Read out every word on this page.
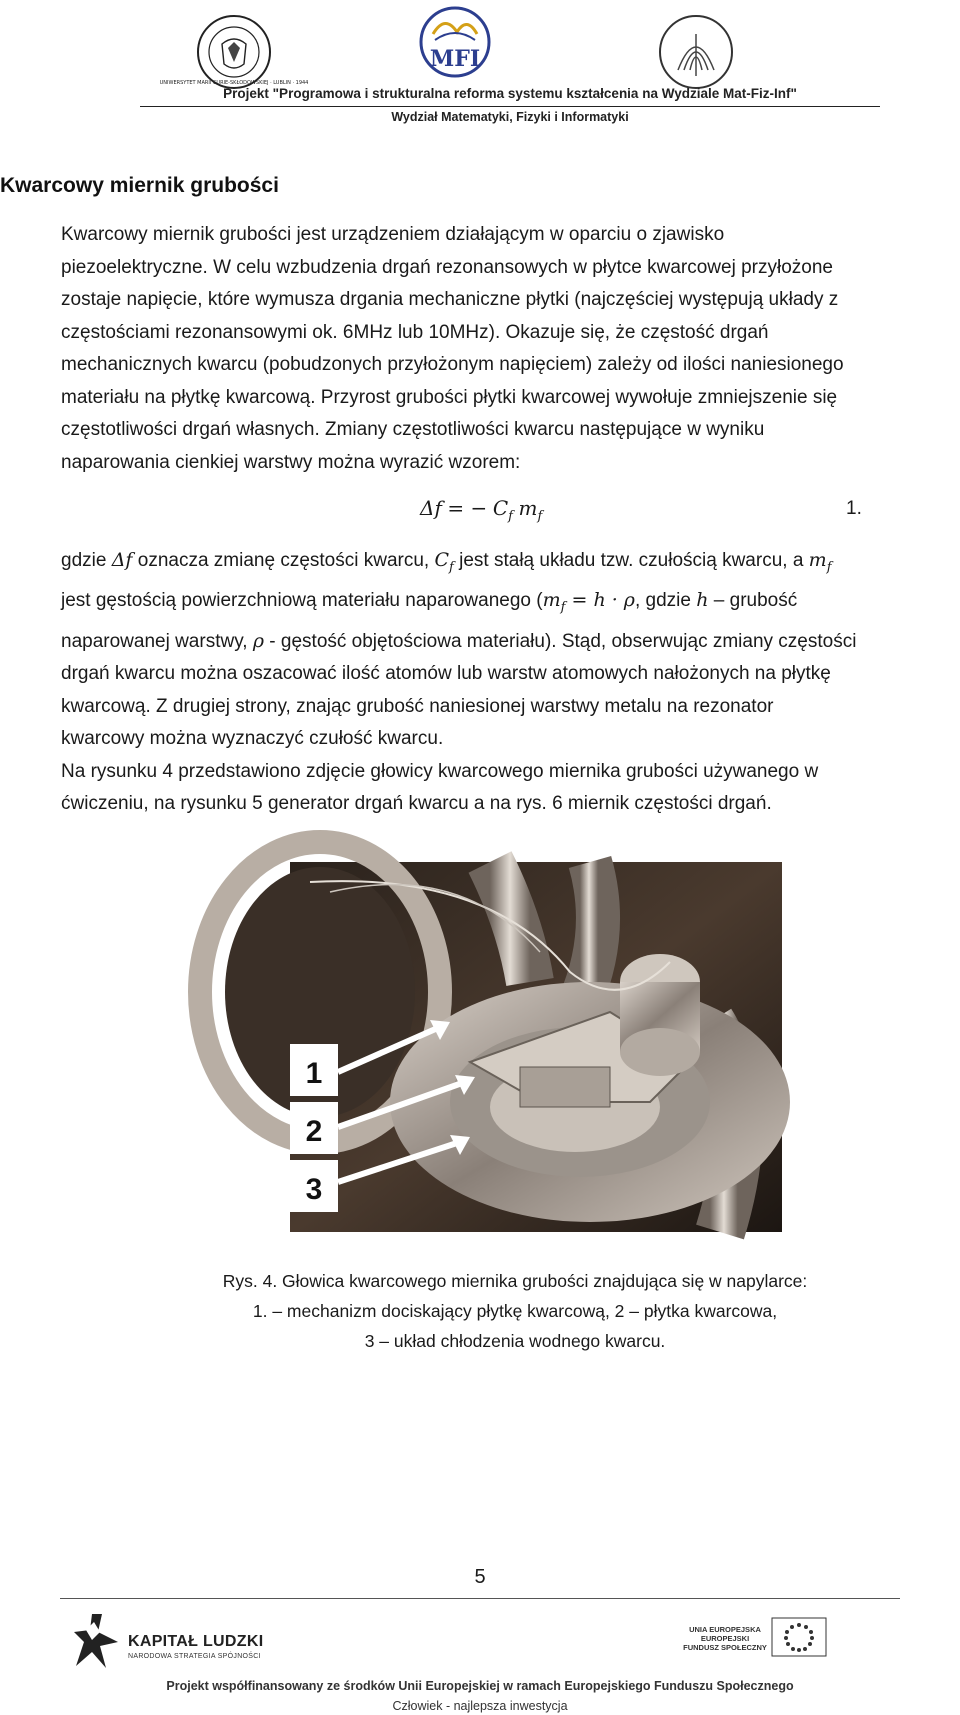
UNIWERSYTET MARII CURIE-SKŁODOWSKIEJ · LUBLIN · 1944
MFI
Projekt "Programowa i strukturalna reforma systemu kształcenia na Wydziale Mat-Fiz-Inf"
Wydział Matematyki, Fizyki i Informatyki
Kwarcowy miernik grubości

Kwarcowy miernik grubości jest urządzeniem działającym w oparciu o zjawisko

piezoelektryczne. W celu wzbudzenia drgań rezonansowych w płytce kwarcowej przyłożone

zostaje napięcie, które wymusza drgania mechaniczne płytki (najczęściej występują układy z

częstościami rezonansowymi ok. 6MHz lub 10MHz). Okazuje się, że częstość drgań

mechanicznych kwarcu (pobudzonych przyłożonym napięciem) zależy od ilości naniesionego

materiału na płytkę kwarcową. Przyrost grubości płytki kwarcowej wywołuje zmniejszenie się

częstotliwości drgań własnych. Zmiany częstotliwości kwarcu następujące w wyniku

naparowania cienkiej warstwy można wyrazić wzorem:

Δf = − $C_f$ $m_f$	1.

gdzie Δf oznacza zmianę częstości kwarcu, $C_f$ jest stałą układu tzw. czułością kwarcu, a $m_f$

jest gęstością powierzchniową materiału naparowanego ($m_f = h \cdot \rho$, gdzie h – grubość

naparowanej warstwy, ρ - gęstość objętościowa materiału). Stąd, obserwując zmiany częstości

drgań kwarcu można oszacować ilość atomów lub warstw atomowych nałożonych na płytkę

kwarcową. Z drugiej strony, znając grubość naniesionej warstwy metalu na rezonator

kwarcowy można wyznaczyć czułość kwarcu.

Na rysunku 4 przedstawiono zdjęcie głowicy kwarcowego miernika grubości używanego w

ćwiczeniu, na rysunku 5 generator drgań kwarcu a na rys. 6 miernik częstości drgań.

1
2
3
Rys. 4. Głowica kwarcowego miernika grubości znajdująca się w napylarce:
1. – mechanizm dociskający płytkę kwarcową, 2 – płytka kwarcowa,
3 – układ chłodzenia wodnego kwarcu.
5
KAPITAŁ LUDZKI
NARODOWA STRATEGIA SPÓJNOŚCI
UNIA EUROPEJSKA
EUROPEJSKI
FUNDUSZ SPOŁECZNY
Projekt współfinansowany ze środków Unii Europejskiej w ramach Europejskiego Funduszu Społecznego
Człowiek - najlepsza inwestycja
